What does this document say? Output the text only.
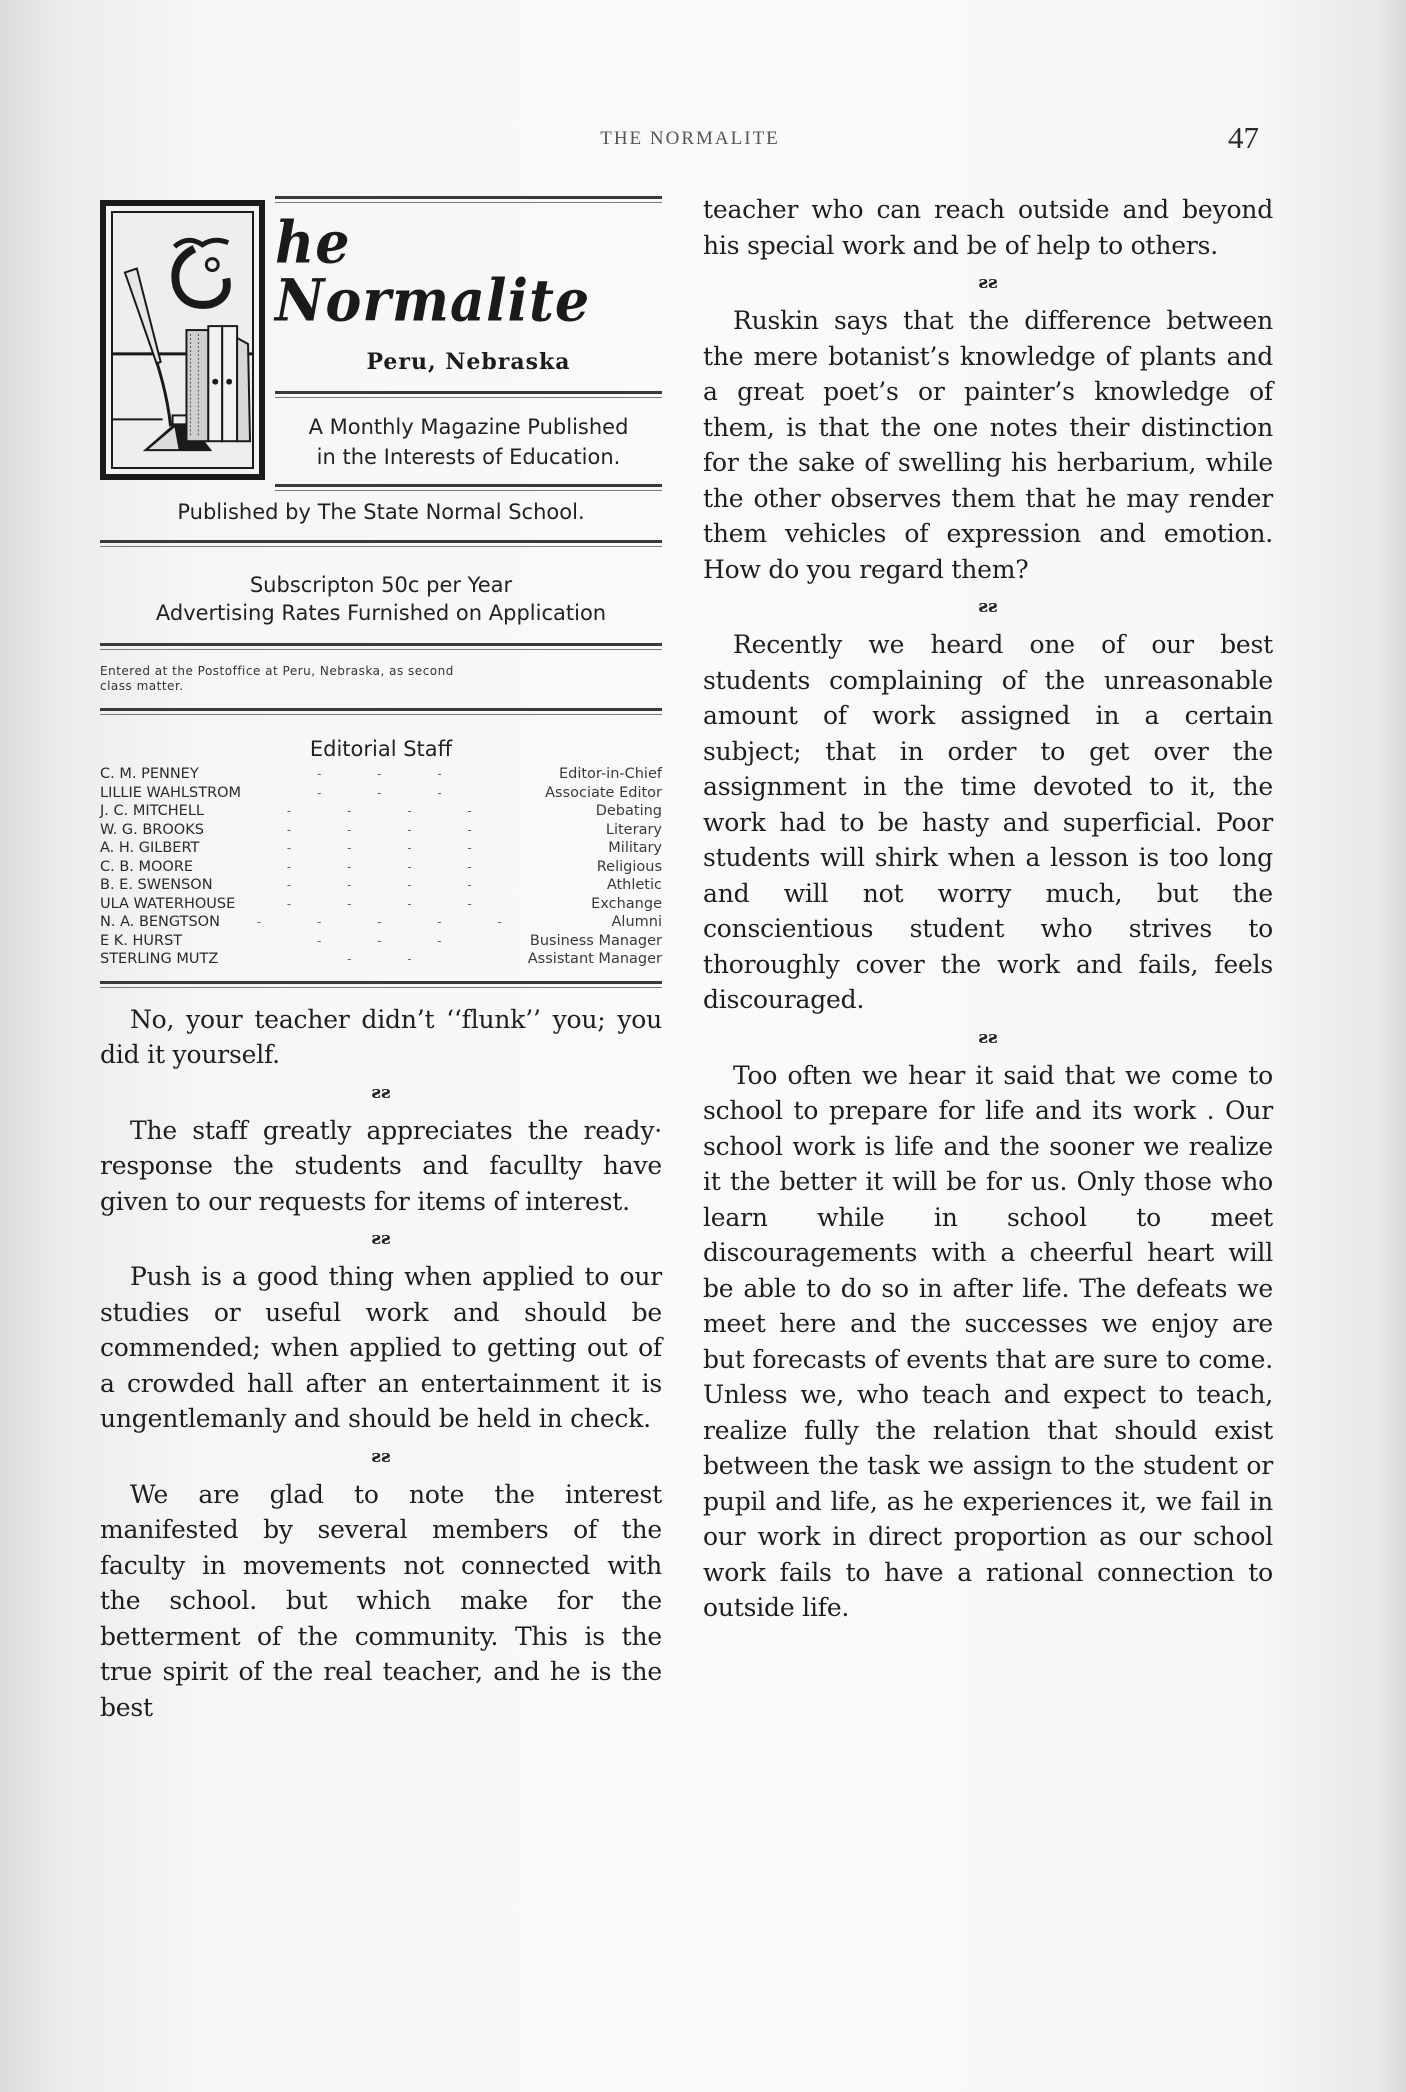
THE NORMALITE	47
he Normalite
Peru, Nebraska
A Monthly Magazine Published
in the Interests of Education.
Published by The State Normal School.
Subscripton 50c per Year
Advertising Rates Furnished on Application
Entered at the Postoffice at Peru, Nebraska, as second
class matter.
Editorial Staff
C. M. PENNEY	- - -	Editor-in-Chief
LILLIE WAHLSTROM	- - -	Associate Editor
J. C. MITCHELL	- - - -	Debating
W. G. BROOKS	- - - -	Literary
A. H. GILBERT	- - - -	Military
C. B. MOORE	- - - -	Religious
B. E. SWENSON	- - - -	Athletic
ULA WATERHOUSE	- - - -	Exchange
N. A. BENGTSON	- - - - -	Alumni
E K. HURST	- - -	Business Manager
STERLING MUTZ	- -	Assistant Manager

No, your teacher didn’t ‘‘flunk’’ you; you did it yourself.

ƨƨ

The staff greatly appreciates the ready· response the students and facullty have given to our requests for items of interest.

ƨƨ

Push is a good thing when applied to our studies or useful work and should be commended; when applied to getting out of a crowded hall after an entertainment it is ungentlemanly and should be held in check.

ƨƨ

We are glad to note the interest manifested by several members of the faculty in movements not connected with the school. but which make for the betterment of the community. This is the true spirit of the real teacher, and he is the best

teacher who can reach outside and beyond his special work and be of help to others.

ƨƨ

Ruskin says that the difference between the mere botanist’s knowledge of plants and a great poet’s or painter’s knowledge of them, is that the one notes their distinction for the sake of swelling his herbarium, while the other observes them that he may render them vehicles of expression and emotion. How do you regard them?

ƨƨ

Recently we heard one of our best students complaining of the unreasonable amount of work assigned in a certain subject; that in order to get over the assignment in the time devoted to it, the work had to be hasty and superficial. Poor students will shirk when a lesson is too long and will not worry much, but the conscientious student who strives to thoroughly cover the work and fails, feels discouraged.

ƨƨ

Too often we hear it said that we come to school to prepare for life and its work . Our school work is life and the sooner we realize it the better it will be for us. Only those who learn while in school to meet discouragements with a cheerful heart will be able to do so in after life. The defeats we meet here and the successes we enjoy are but forecasts of events that are sure to come. Unless we, who teach and expect to teach, realize fully the relation that should exist between the task we assign to the student or pupil and life, as he experiences it, we fail in our work in direct proportion as our school work fails to have a rational connection to outside life.
